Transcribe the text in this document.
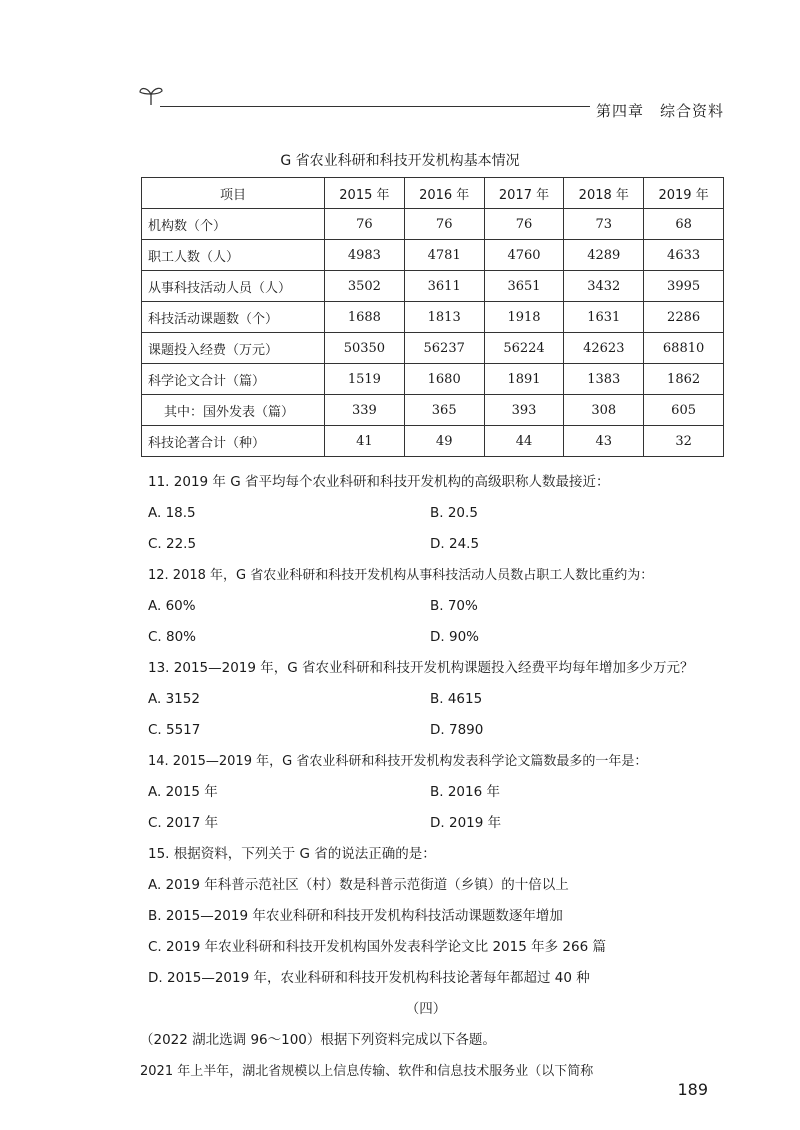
第四章　综合资料
G 省农业科研和科技开发机构基本情况
项目	2015 年	2016 年	2017 年	2018 年	2019 年
机构数（个）	76	76	76	73	68
职工人数（人）	4983	4781	4760	4289	4633
从事科技活动人员（人）	3502	3611	3651	3432	3995
科技活动课题数（个）	1688	1813	1918	1631	2286
课题投入经费（万元）	50350	56237	56224	42623	68810
科学论文合计（篇）	1519	1680	1891	1383	1862
其中：国外发表（篇）	339	365	393	308	605
科技论著合计（种）	41	49	44	43	32
11. 2019 年 G 省平均每个农业科研和科技开发机构的高级职称人数最接近：
A. 18.5	B. 20.5
C. 22.5	D. 24.5
12. 2018 年，G 省农业科研和科技开发机构从事科技活动人员数占职工人数比重约为：
A. 60%	B. 70%
C. 80%	D. 90%
13. 2015—2019 年，G 省农业科研和科技开发机构课题投入经费平均每年增加多少万元？
A. 3152	B. 4615
C. 5517	D. 7890
14. 2015—2019 年，G 省农业科研和科技开发机构发表科学论文篇数最多的一年是：
A. 2015 年	B. 2016 年
C. 2017 年	D. 2019 年
15. 根据资料，下列关于 G 省的说法正确的是：
A. 2019 年科普示范社区（村）数是科普示范街道（乡镇）的十倍以上
B. 2015—2019 年农业科研和科技开发机构科技活动课题数逐年增加
C. 2019 年农业科研和科技开发机构国外发表科学论文比 2015 年多 266 篇
D. 2015—2019 年，农业科研和科技开发机构科技论著每年都超过 40 种
（四）
（2022 湖北选调 96～100）根据下列资料完成以下各题。
2021 年上半年，湖北省规模以上信息传输、软件和信息技术服务业（以下简称
189
